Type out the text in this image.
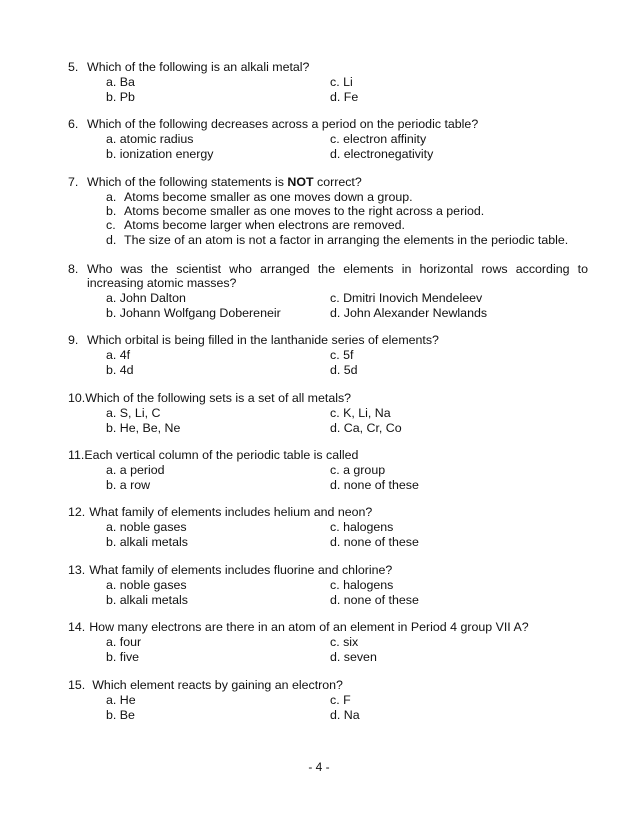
5. Which of the following is an alkali metal?
a. Ba	c. Li
b. Pb	d. Fe
6. Which of the following decreases across a period on the periodic table?
a. atomic radius	c. electron affinity
b. ionization energy	d. electronegativity
7. Which of the following statements is NOT correct?
a. Atoms become smaller as one moves down a group.
b. Atoms become smaller as one moves to the right across a period.
c. Atoms become larger when electrons are removed.
d. The size of an atom is not a factor in arranging the elements in the periodic table.
8. Who was the scientist who arranged the elements in horizontal rows according to increasing atomic masses?
a. John Dalton	c. Dmitri Inovich Mendeleev
b. Johann Wolfgang Dobereneir	d. John Alexander Newlands
9. Which orbital is being filled in the lanthanide series of elements?
a. 4f	c. 5f
b. 4d	d. 5d
10. Which of the following sets is a set of all metals?
a. S, Li, C	c. K, Li, Na
b. He, Be, Ne	d. Ca, Cr, Co
11. Each vertical column of the periodic table is called
a. a period	c. a group
b. a row	d. none of these
12. What family of elements includes helium and neon?
a. noble gases	c. halogens
b. alkali metals	d. none of these
13. What family of elements includes fluorine and chlorine?
a. noble gases	c. halogens
b. alkali metals	d. none of these
14. How many electrons are there in an atom of an element in Period 4 group VII A?
a. four	c. six
b. five	d. seven
15. Which element reacts by gaining an electron?
a. He	c. F
b. Be	d. Na
- 4 -
